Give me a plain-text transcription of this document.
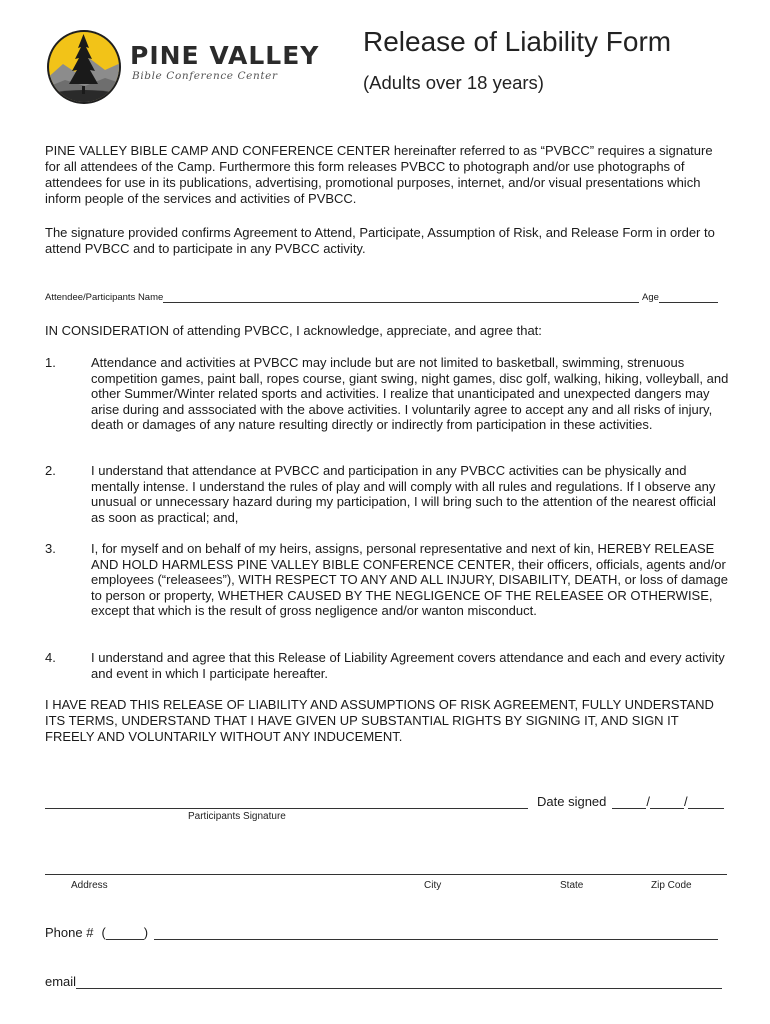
PINE VALLEY
Bible Conference Center
Release of Liability Form
(Adults over 18 years)

PINE VALLEY BIBLE CAMP AND CONFERENCE CENTER hereinafter referred to as “PVBCC” requires a signature for all attendees of the Camp. Furthermore this form releases PVBCC to photograph and/or use photographs of attendees for use in its publications, advertising, promotional purposes, internet, and/or visual presentations which inform people of the services and activities of PVBCC.

The signature provided confirms Agreement to Attend, Participate, Assumption of Risk, and Release Form in order to attend PVBCC and to participate in any PVBCC activity.

Attendee/Participants Name	Age

IN CONSIDERATION of attending PVBCC, I acknowledge, appreciate, and agree that:

1.	Attendance and activities at PVBCC may include but are not limited to basketball, swimming, strenuous competition games, paint ball, ropes course, giant swing, night games, disc golf, walking, hiking, volleyball, and other Summer/Winter related sports and activities. I realize that unanticipated and unexpected dangers may arise during and asssociated with the above activities. I voluntarily agree to accept any and all risks of injury, death or damages of any nature resulting directly or indirectly from participation in these activities.

2.	I understand that attendance at PVBCC and participation in any PVBCC activities can be physically and mentally intense. I understand the rules of play and will comply with all rules and regulations. If I observe any unusual or unnecessary hazard during my participation, I will bring such to the attention of the nearest official as soon as practical; and,

3.	I, for myself and on behalf of my heirs, assigns, personal representative and next of kin, HEREBY RELEASE AND HOLD HARMLESS PINE VALLEY BIBLE CONFERENCE CENTER, their officers, officials, agents and/or employees (“releasees”), WITH RESPECT TO ANY AND ALL INJURY, DISABILITY, DEATH, or loss of damage to person or property, WHETHER CAUSED BY THE NEGLIGENCE OF THE RELEASEE OR OTHERWISE, except that which is the result of gross negligence and/or wanton misconduct.

4.	I understand and agree that this Release of Liability Agreement covers attendance and each and every activity and event in which I participate hereafter.

I HAVE READ THIS RELEASE OF LIABILITY AND ASSUMPTIONS OF RISK AGREEMENT, FULLY UNDERSTAND ITS TERMS, UNDERSTAND THAT I HAVE GIVEN UP SUBSTANTIAL RIGHTS BY SIGNING IT, AND SIGN IT FREELY AND VOLUNTARILY WITHOUT ANY INDUCEMENT.

Date signed	/	/
Participants Signature
Address	City	State	Zip Code
Phone # (	)
email
